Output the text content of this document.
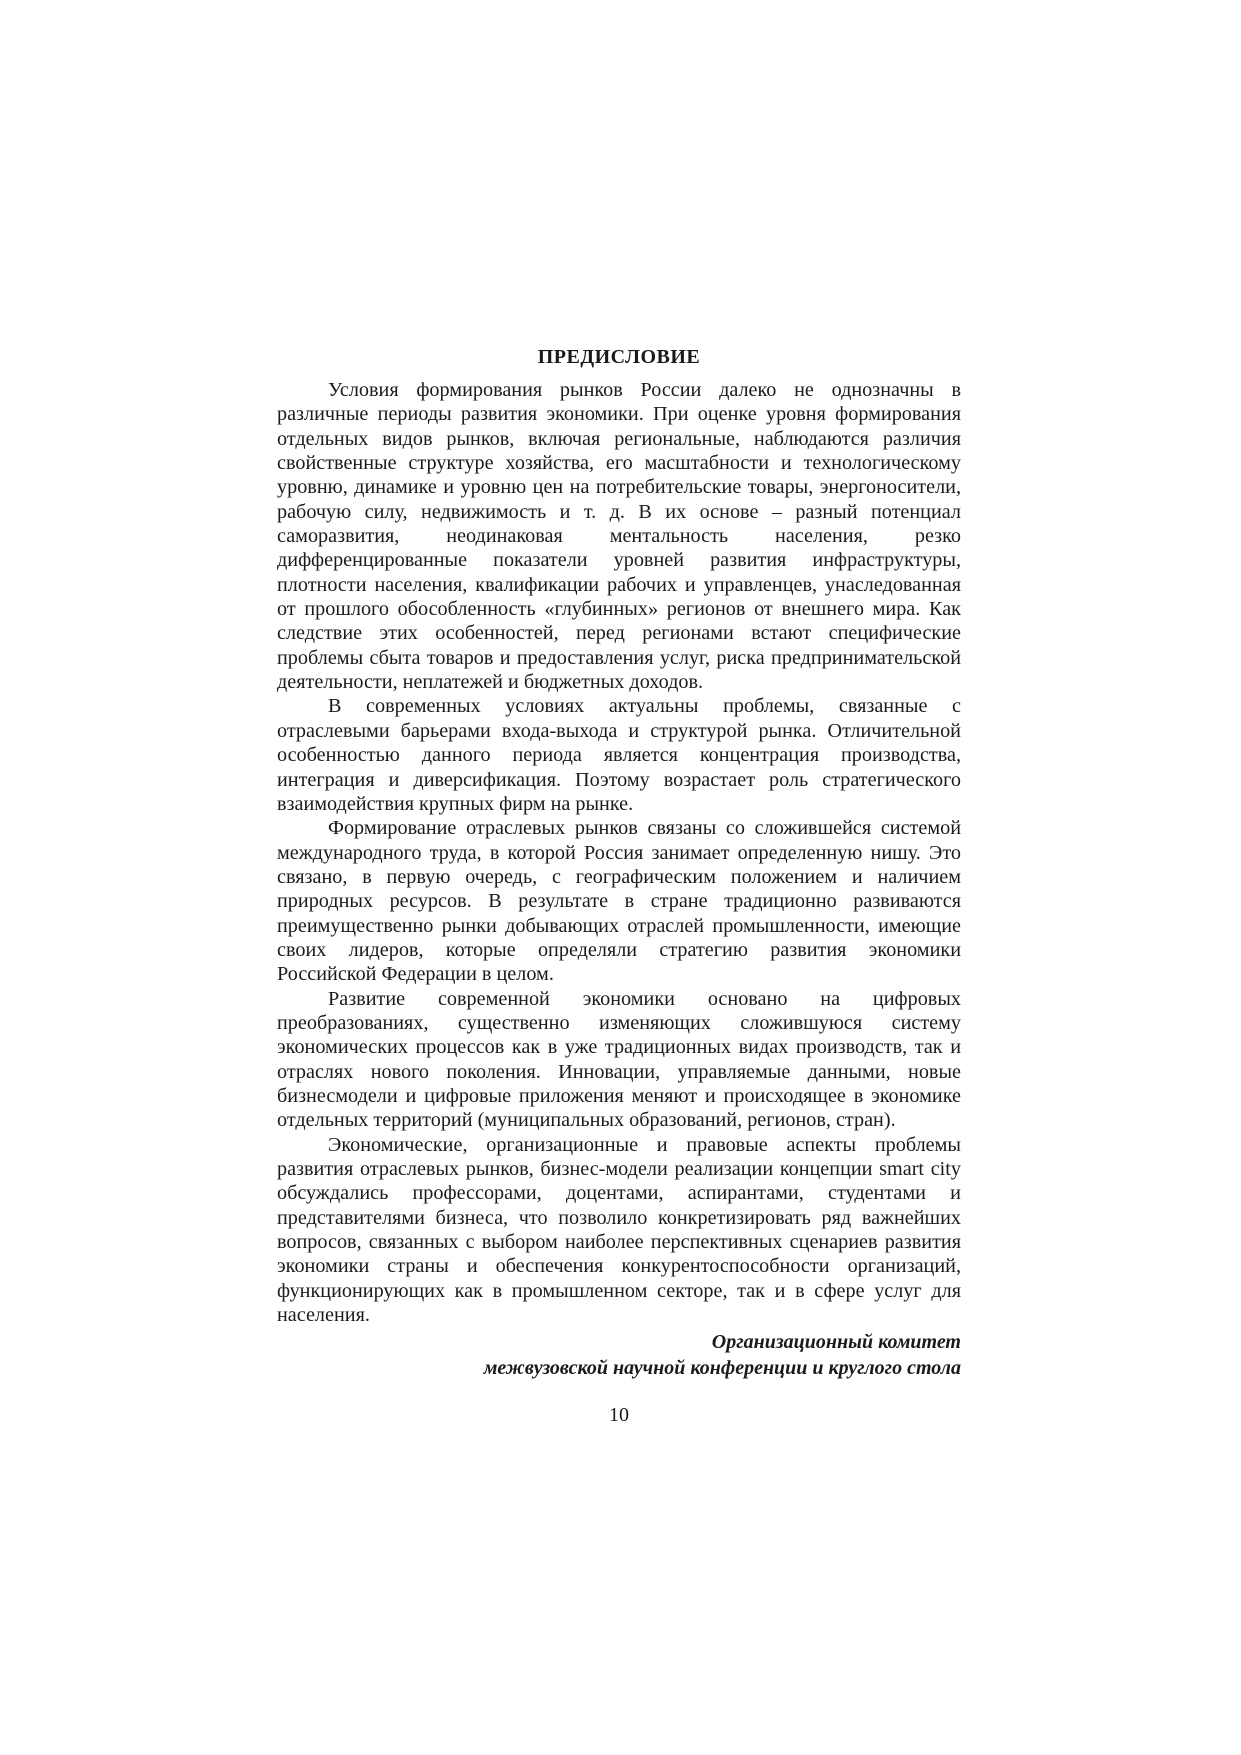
ПРЕДИСЛОВИЕ

Условия формирования рынков России далеко не однозначны в различные периоды развития экономики. При оценке уровня формирования отдельных видов рынков, включая региональные, наблюдаются различия свойственные структуре хозяйства, его масштабности и технологическому уровню, динамике и уровню цен на потребительские товары, энергоносители, рабочую силу, недвижимость и т. д. В их основе – разный потенциал саморазвития, неодинаковая ментальность населения, резко дифференцированные показатели уровней развития инфраструктуры, плотности населения, квалификации рабочих и управленцев, унаследованная от прошлого обособленность «глубинных» регионов от внешнего мира. Как следствие этих особенностей, перед регионами встают специфические проблемы сбыта товаров и предоставления услуг, риска предпринимательской деятельности, неплатежей и бюджетных доходов.

В современных условиях актуальны проблемы, связанные с отраслевыми барьерами входа-выхода и структурой рынка. Отличительной особенностью данного периода является концентрация производства, интеграция и диверсификация. Поэтому возрастает роль стратегического взаимодействия крупных фирм на рынке.

Формирование отраслевых рынков связаны со сложившейся системой международного труда, в которой Россия занимает определенную нишу. Это связано, в первую очередь, с географическим положением и наличием природных ресурсов. В результате в стране традиционно развиваются преимущественно рынки добывающих отраслей промышленности, имеющие своих лидеров, которые определяли стратегию развития экономики Российской Федерации в целом.

Развитие современной экономики основано на цифровых преобразованиях, существенно изменяющих сложившуюся систему экономических процессов как в уже традиционных видах производств, так и отраслях нового поколения. Инновации, управляемые данными, новые бизнесмодели и цифровые приложения меняют и происходящее в экономике отдельных территорий (муниципальных образований, регионов, стран).

Экономические, организационные и правовые аспекты проблемы развития отраслевых рынков, бизнес-модели реализации концепции smart city обсуждались профессорами, доцентами, аспирантами, студентами и представителями бизнеса, что позволило конкретизировать ряд важнейших вопросов, связанных с выбором наиболее перспективных сценариев развития экономики страны и обеспечения конкурентоспособности организаций, функционирующих как в промышленном секторе, так и в сфере услуг для населения.

Организационный комитет
межвузовской научной конференции и круглого стола
10
